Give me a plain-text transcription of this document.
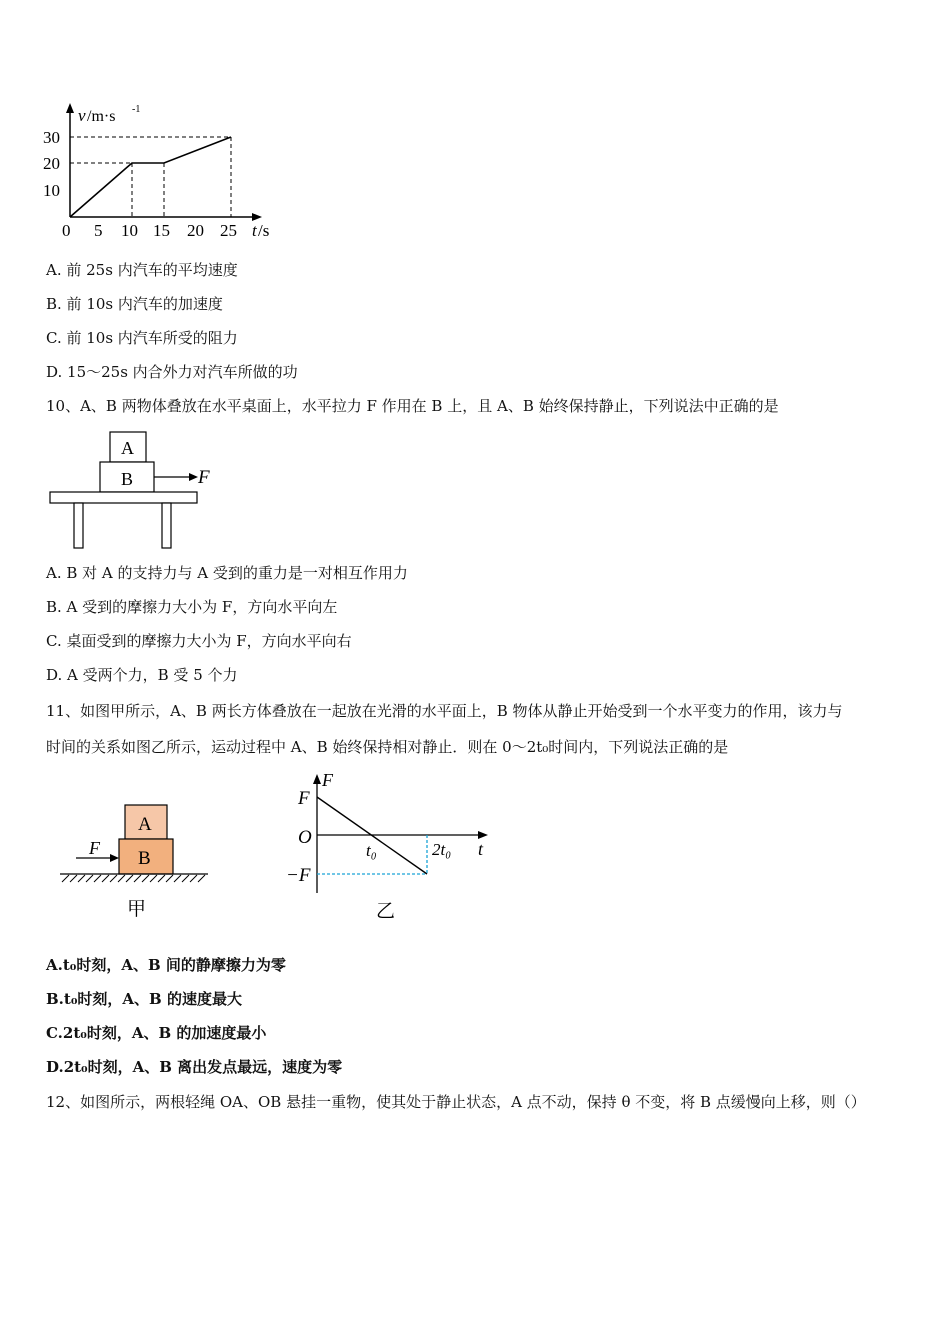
v /m·s -1
30
20
10
0 5 10 15 20 25 t /s
A. 前 25s 内汽车的平均速度
B. 前 10s 内汽车的加速度
C. 前 10s 内汽车所受的阻力
D. 15～25s 内合外力对汽车所做的功
10、A、B 两物体叠放在水平桌面上，水平拉力 F 作用在 B 上，且 A、B 始终保持静止，下列说法中正确的是
A
B	F
A. B 对 A 的支持力与 A 受到的重力是一对相互作用力
B. A 受到的摩擦力大小为 F，方向水平向左
C. 桌面受到的摩擦力大小为 F，方向水平向右
D. A 受两个力，B 受 5 个力
11、如图甲所示，A、B 两长方体叠放在一起放在光滑的水平面上，B 物体从静止开始受到一个水平变力的作用，该力与
时间的关系如图乙所示，运动过程中 A、B 始终保持相对静止．则在 0～2t₀时间内，下列说法正确的是
A
B
F
甲
F
F
O
−F
t₀	2t₀ t
乙
A.t₀时刻，A、B 间的静摩擦力为零
B.t₀时刻，A、B 的速度最大
C.2t₀时刻，A、B 的加速度最小
D.2t₀时刻，A、B 离出发点最远，速度为零
12、如图所示，两根轻绳 OA、OB 悬挂一重物，使其处于静止状态，A 点不动，保持 θ 不变，将 B 点缓慢向上移，则（）
